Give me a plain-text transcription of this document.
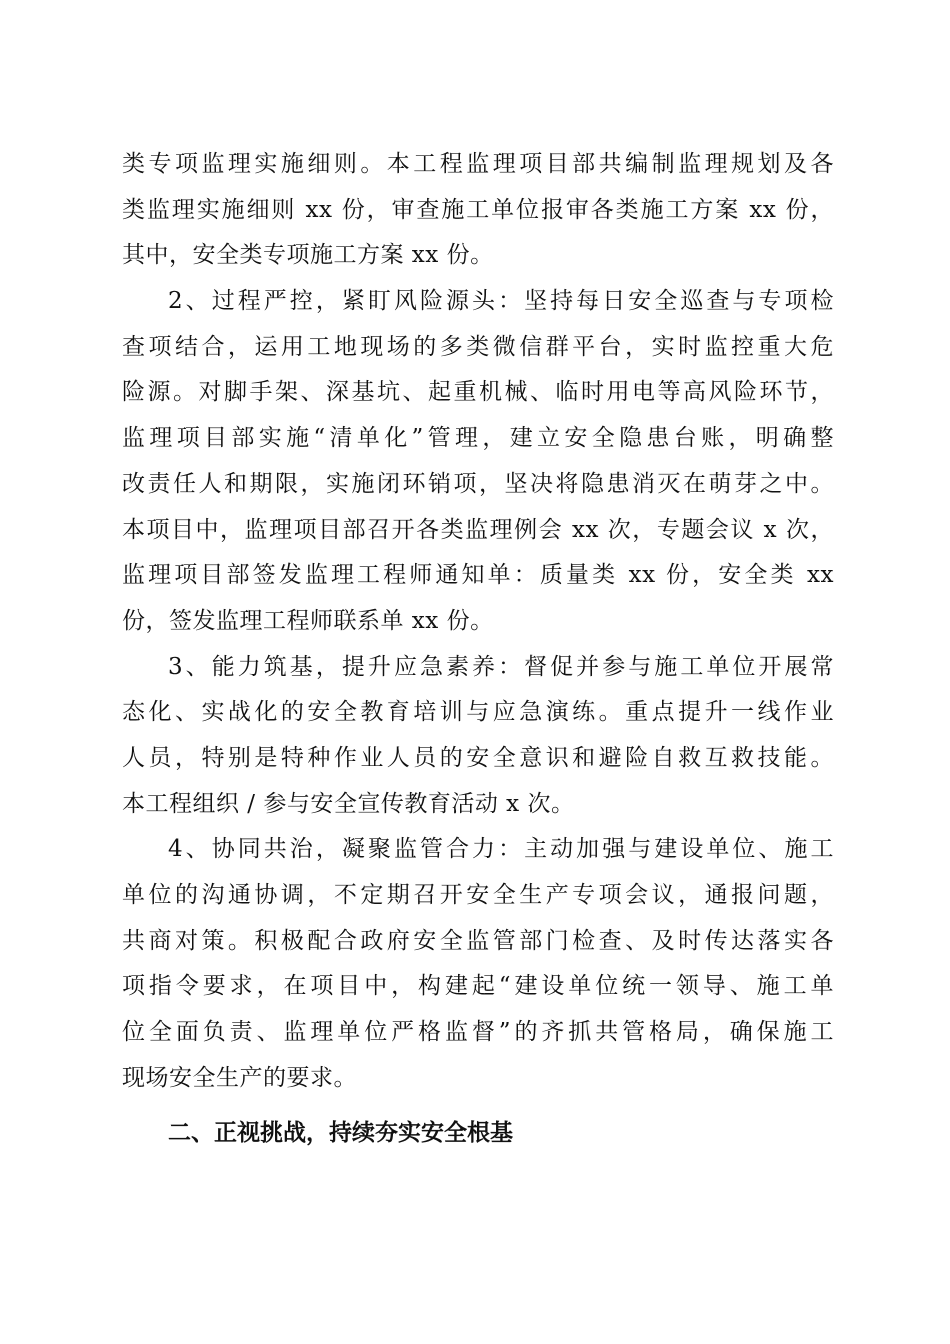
类专项监理实施细则。本工程监理项目部共编制监理规划及各
类监理实施细则 xx 份，审查施工单位报审各类施工方案 xx 份，
其中，安全类专项施工方案 xx 份。
2、过程严控，紧盯风险源头：坚持每日安全巡查与专项检
查项结合，运用工地现场的多类微信群平台，实时监控重大危
险源。对脚手架、深基坑、起重机械、临时用电等高风险环节，
监理项目部实施“清单化”管理，建立安全隐患台账，明确整
改责任人和期限，实施闭环销项，坚决将隐患消灭在萌芽之中。
本项目中，监理项目部召开各类监理例会 xx 次，专题会议 x 次，
监理项目部签发监理工程师通知单：质量类 xx 份，安全类 xx
份，签发监理工程师联系单 xx 份。
3、能力筑基，提升应急素养：督促并参与施工单位开展常
态化、实战化的安全教育培训与应急演练。重点提升一线作业
人员，特别是特种作业人员的安全意识和避险自救互救技能。
本工程组织 / 参与安全宣传教育活动 x 次。
4、协同共治，凝聚监管合力：主动加强与建设单位、施工
单位的沟通协调，不定期召开安全生产专项会议，通报问题，
共商对策。积极配合政府安全监管部门检查、及时传达落实各
项指令要求，在项目中，构建起“建设单位统一领导、施工单
位全面负责、监理单位严格监督”的齐抓共管格局，确保施工
现场安全生产的要求。
二、正视挑战，持续夯实安全根基
